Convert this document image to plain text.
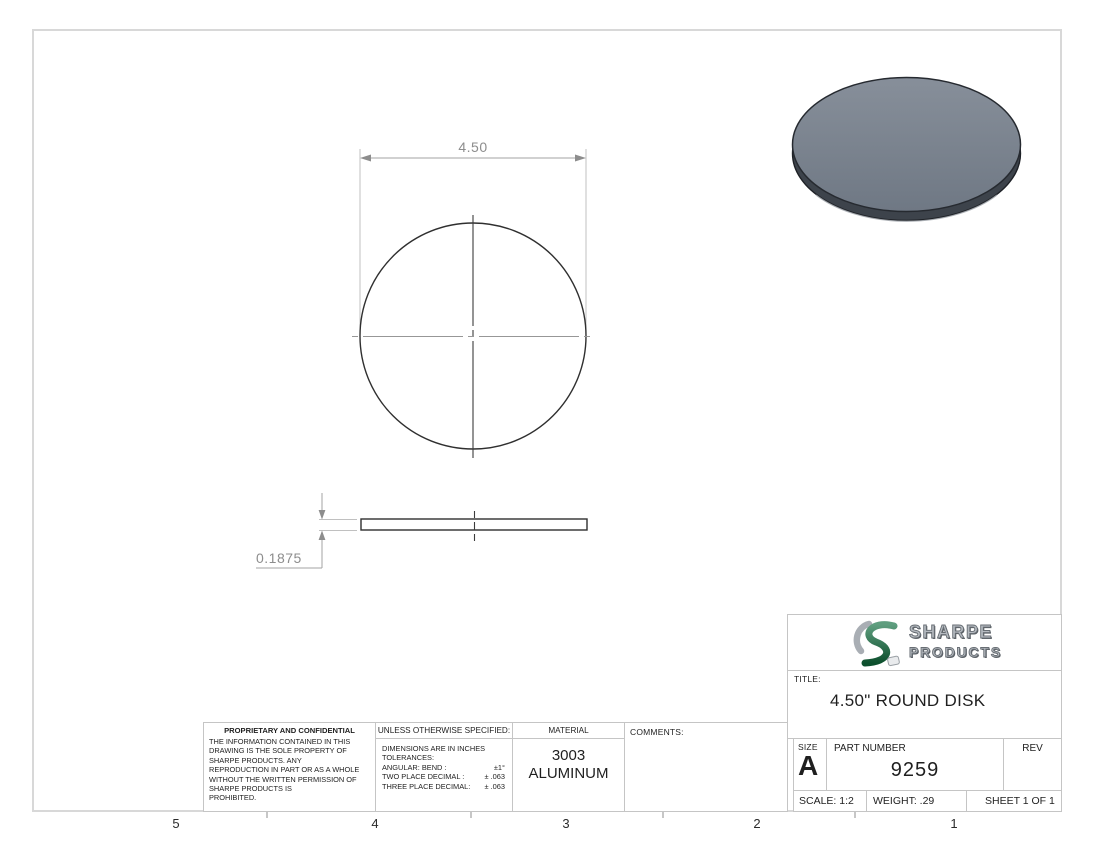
4.50
0.1875
PROPRIETARY AND CONFIDENTIAL
THE INFORMATION CONTAINED IN THIS
DRAWING IS THE SOLE PROPERTY OF
SHARPE PRODUCTS. ANY
REPRODUCTION IN PART OR AS A WHOLE
WITHOUT THE WRITTEN PERMISSION OF
SHARPE PRODUCTS IS
PROHIBITED.
UNLESS OTHERWISE SPECIFIED:
DIMENSIONS ARE IN INCHES
TOLERANCES:
ANGULAR: BEND :	±1°
TWO PLACE DECIMAL :	± .063
THREE PLACE DECIMAL: ± .063
MATERIAL
3003
ALUMINUM
COMMENTS:
SHARPE
PRODUCTS
TITLE:
4.50" ROUND DISK
SIZE
A
PART NUMBER
9259
REV
SCALE: 1:2	WEIGHT: .29	SHEET 1 OF 1
5	4	3	2	1
